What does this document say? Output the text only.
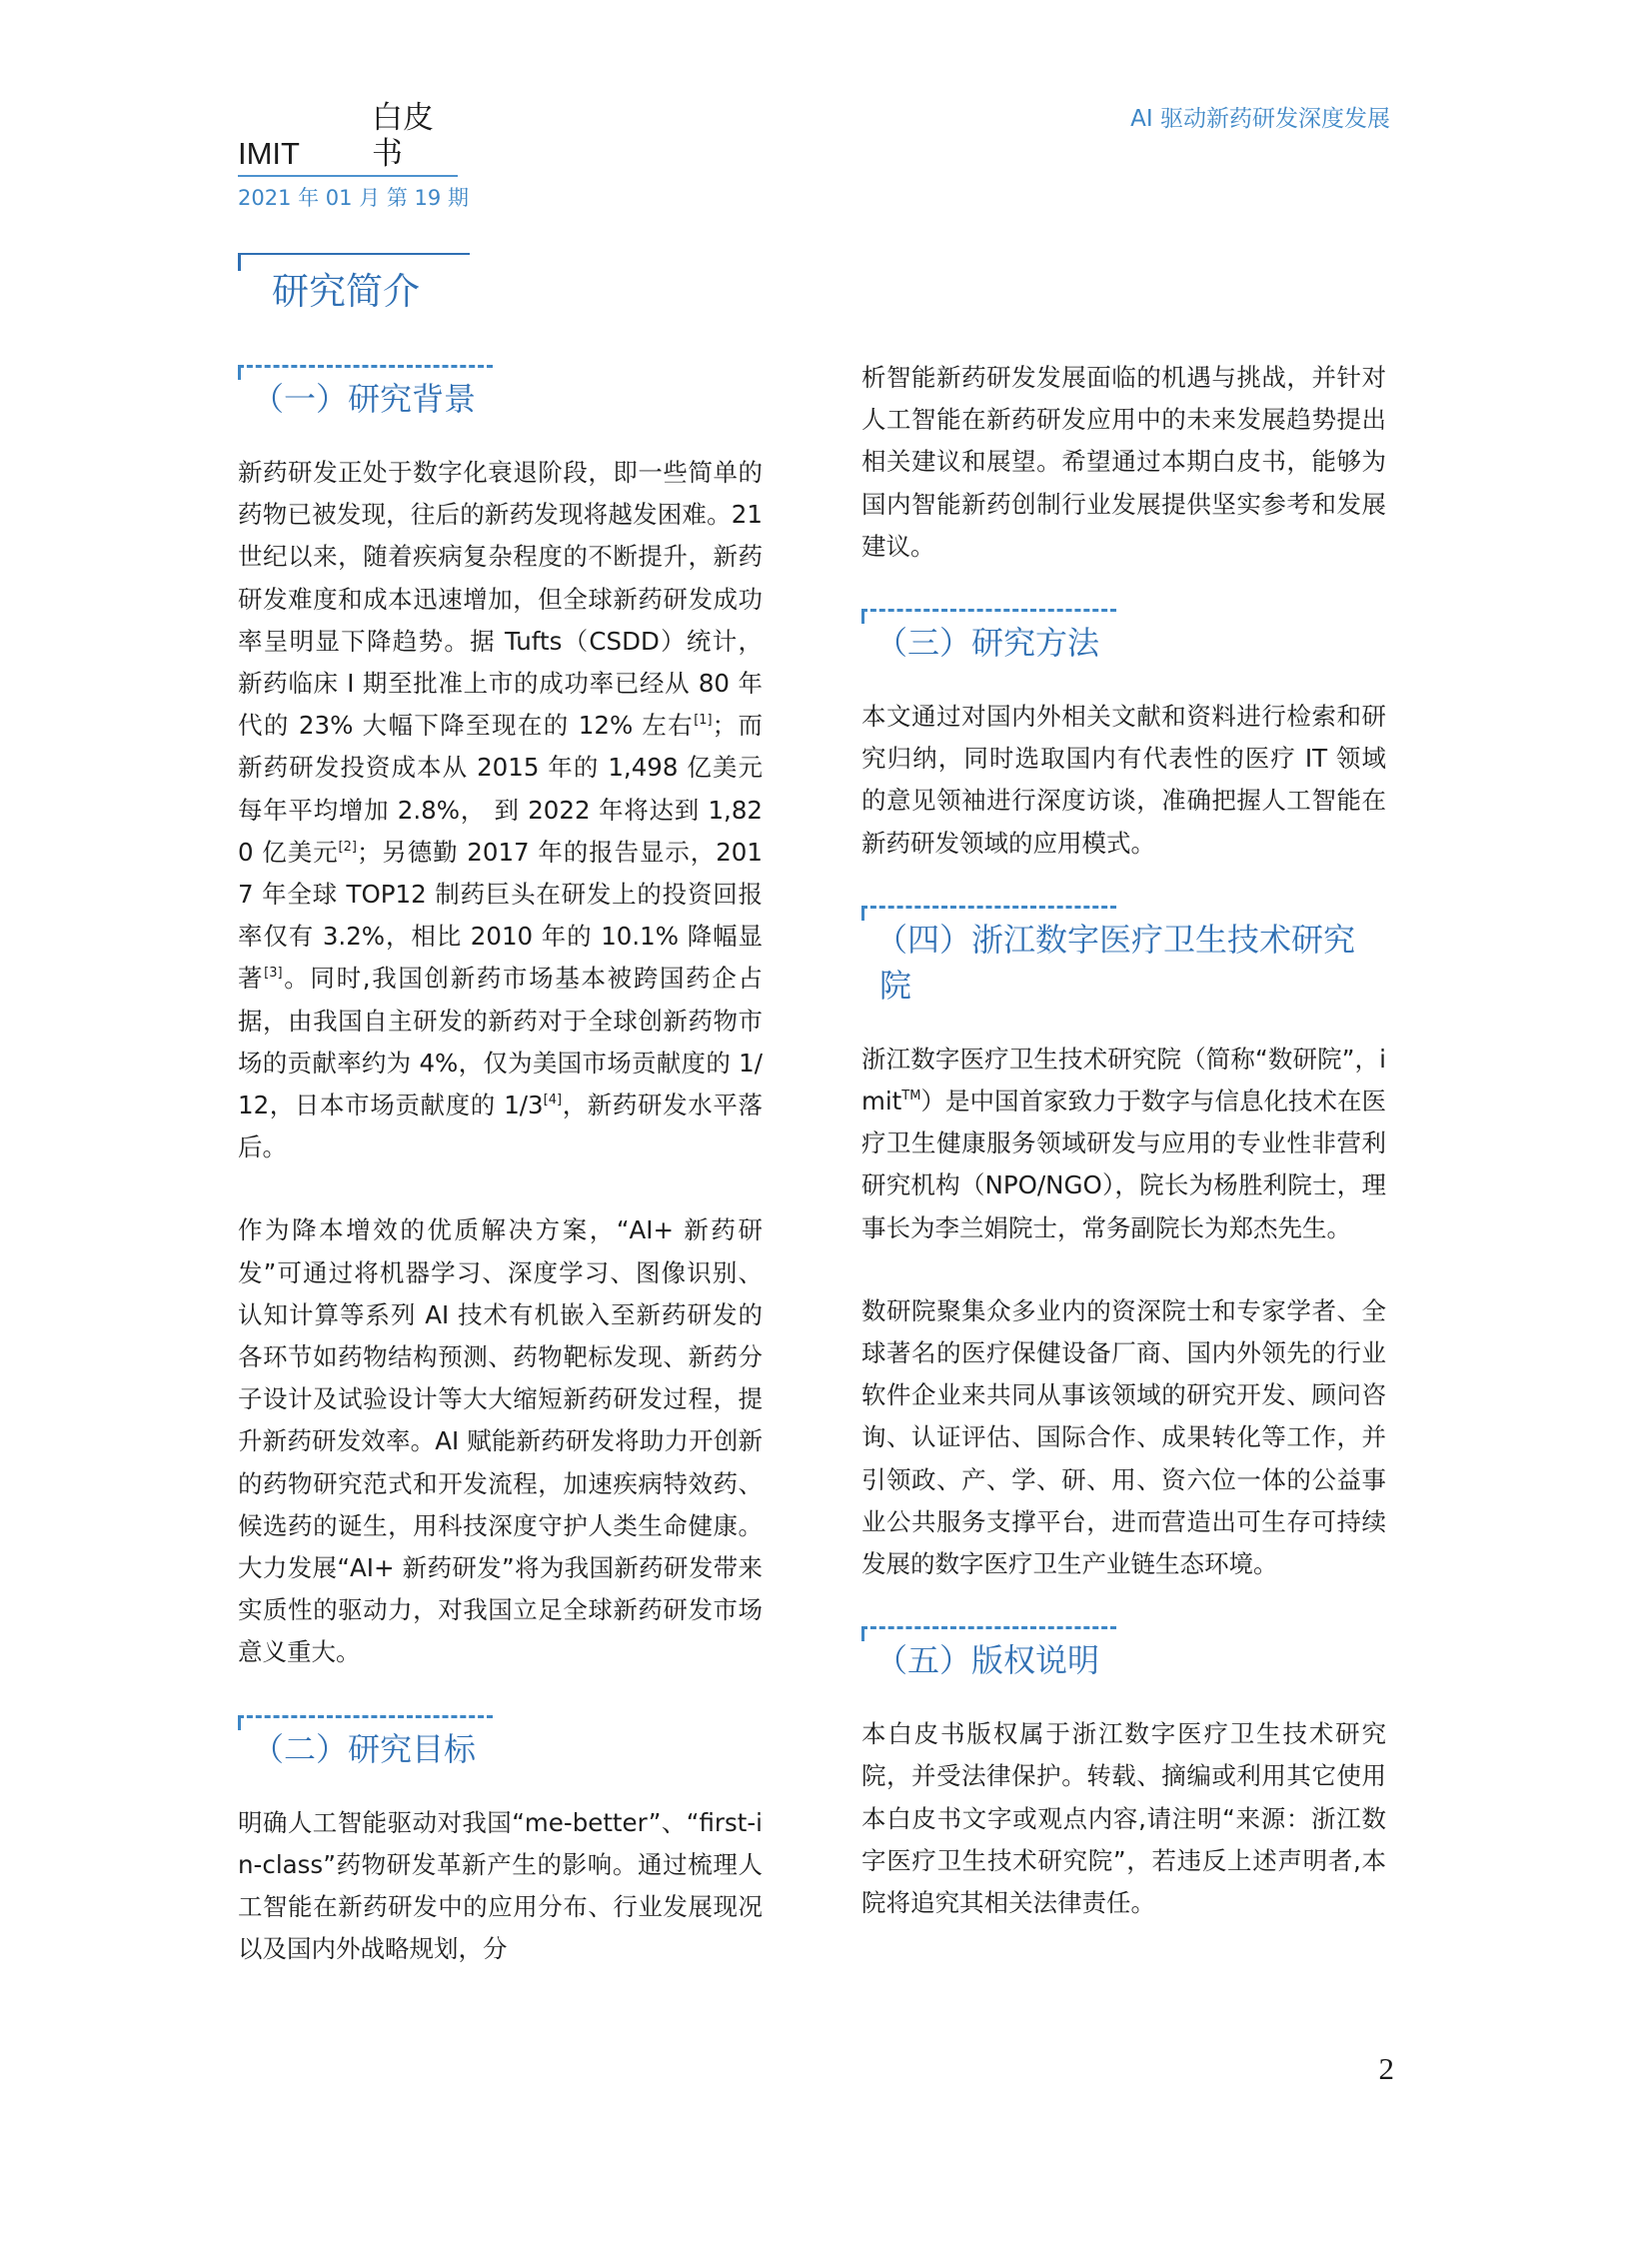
IMIT
白皮书
2021 年 01 月 第 19 期
AI 驱动新药研发深度发展
研究简介
（一）研究背景

新药研发正处于数字化衰退阶段，即一些简单的药物已被发现，往后的新药发现将越发困难。21 世纪以来，随着疾病复杂程度的不断提升，新药研发难度和成本迅速增加，但全球新药研发成功率呈明显下降趋势。据 Tufts（CSDD）统计，新药临床 I 期至批准上市的成功率已经从 80 年代的 23% 大幅下降至现在的 12% 左右[1]；而新药研发投资成本从 2015 年的 1,498 亿美元每年平均增加 2.8%， 到 2022 年将达到 1,820 亿美元[2]；另德勤 2017 年的报告显示，2017 年全球 TOP12 制药巨头在研发上的投资回报率仅有 3.2%，相比 2010 年的 10.1% 降幅显著[3]。同时,我国创新药市场基本被跨国药企占据，由我国自主研发的新药对于全球创新药物市场的贡献率约为 4%，仅为美国市场贡献度的 1/12，日本市场贡献度的 1/3[4]，新药研发水平落后。

作为降本增效的优质解决方案，“AI+ 新药研发”可通过将机器学习、深度学习、图像识别、认知计算等系列 AI 技术有机嵌入至新药研发的各环节如药物结构预测、药物靶标发现、新药分子设计及试验设计等大大缩短新药研发过程，提升新药研发效率。AI 赋能新药研发将助力开创新的药物研究范式和开发流程，加速疾病特效药、候选药的诞生，用科技深度守护人类生命健康。大力发展“AI+ 新药研发”将为我国新药研发带来实质性的驱动力，对我国立足全球新药研发市场意义重大。

（二）研究目标

明确人工智能驱动对我国“me-better”、“first-in-class”药物研发革新产生的影响。通过梳理人工智能在新药研发中的应用分布、行业发展现况以及国内外战略规划，分

析智能新药研发发展面临的机遇与挑战，并针对人工智能在新药研发应用中的未来发展趋势提出相关建议和展望。希望通过本期白皮书，能够为国内智能新药创制行业发展提供坚实参考和发展建议。

（三）研究方法

本文通过对国内外相关文献和资料进行检索和研究归纳，同时选取国内有代表性的医疗 IT 领域的意见领袖进行深度访谈，准确把握人工智能在新药研发领域的应用模式。

（四）浙江数字医疗卫生技术研究院

浙江数字医疗卫生技术研究院（简称“数研院”，imit™）是中国首家致力于数字与信息化技术在医疗卫生健康服务领域研发与应用的专业性非营利研究机构（NPO/NGO），院长为杨胜利院士，理事长为李兰娟院士，常务副院长为郑杰先生。

数研院聚集众多业内的资深院士和专家学者、全球著名的医疗保健设备厂商、国内外领先的行业软件企业来共同从事该领域的研究开发、顾问咨询、认证评估、国际合作、成果转化等工作，并引领政、产、学、研、用、资六位一体的公益事业公共服务支撑平台，进而营造出可生存可持续发展的数字医疗卫生产业链生态环境。

（五）版权说明

本白皮书版权属于浙江数字医疗卫生技术研究院，并受法律保护。转载、摘编或利用其它使用本白皮书文字或观点内容,请注明“来源：浙江数字医疗卫生技术研究院”，若违反上述声明者,本院将追究其相关法律责任。

2
